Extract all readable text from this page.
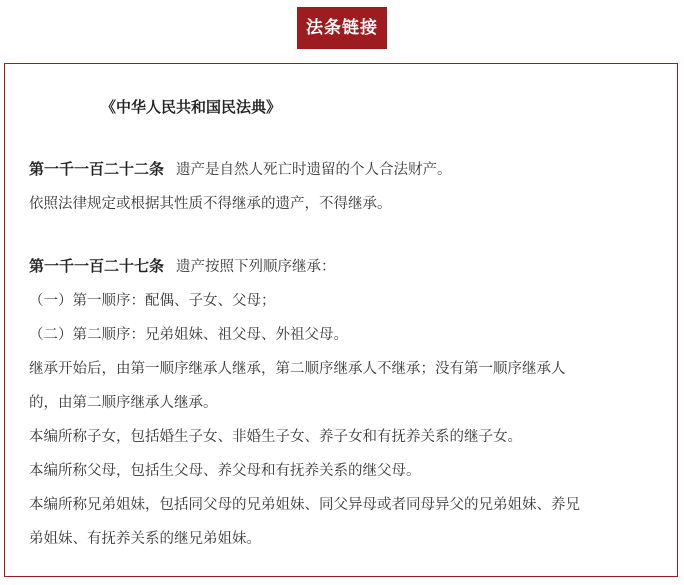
法条链接
《中华人民共和国民法典》
第一千一百二十二条 遗产是自然人死亡时遗留的个人合法财产。
依照法律规定或根据其性质不得继承的遗产，不得继承。
第一千一百二十七条 遗产按照下列顺序继承：
（一）第一顺序：配偶、子女、父母；
（二）第二顺序：兄弟姐妹、祖父母、外祖父母。
继承开始后，由第一顺序继承人继承，第二顺序继承人不继承；没有第一顺序继承人
的，由第二顺序继承人继承。
本编所称子女，包括婚生子女、非婚生子女、养子女和有抚养关系的继子女。
本编所称父母，包括生父母、养父母和有抚养关系的继父母。
本编所称兄弟姐妹，包括同父母的兄弟姐妹、同父异母或者同母异父的兄弟姐妹、养兄
弟姐妹、有抚养关系的继兄弟姐妹。
